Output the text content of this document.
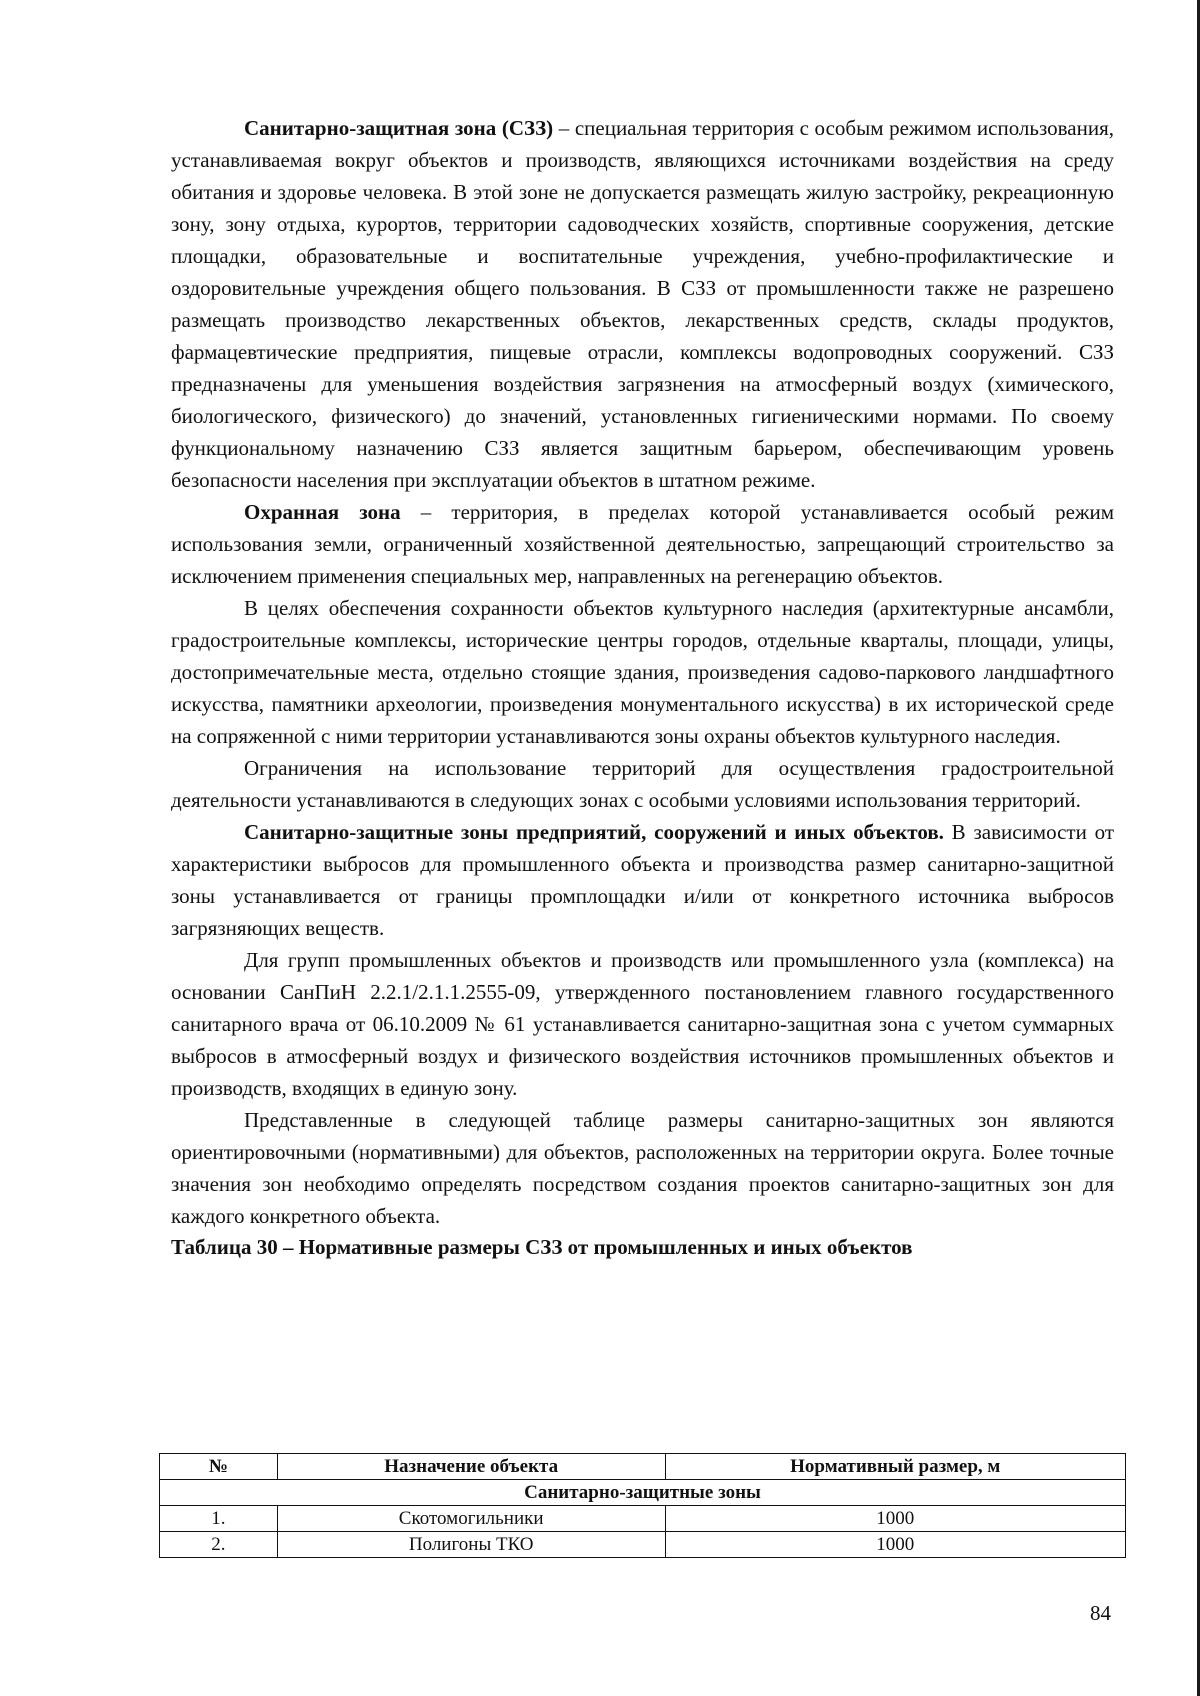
Санитарно-защитная зона (СЗЗ) – специальная территория с особым режимом использования, устанавливаемая вокруг объектов и производств, являющихся источниками воздействия на среду обитания и здоровье человека. В этой зоне не допускается размещать жилую застройку, рекреационную зону, зону отдыха, курортов, территории садоводческих хозяйств, спортивные сооружения, детские площадки, образовательные и воспитательные учреждения, учебно-профилактические и оздоровительные учреждения общего пользования. В СЗЗ от промышленности также не разрешено размещать производство лекарственных объектов, лекарственных средств, склады продуктов, фармацевтические предприятия, пищевые отрасли, комплексы водопроводных сооружений. СЗЗ предназначены для уменьшения воздействия загрязнения на атмосферный воздух (химического, биологического, физического) до значений, установленных гигиеническими нормами. По своему функциональному назначению СЗЗ является защитным барьером, обеспечивающим уровень безопасности населения при эксплуатации объектов в штатном режиме.

Охранная зона – территория, в пределах которой устанавливается особый режим использования земли, ограниченный хозяйственной деятельностью, запрещающий строительство за исключением применения специальных мер, направленных на регенерацию объектов.

В целях обеспечения сохранности объектов культурного наследия (архитектурные ансамбли, градостроительные комплексы, исторические центры городов, отдельные кварталы, площади, улицы, достопримечательные места, отдельно стоящие здания, произведения садово-паркового ландшафтного искусства, памятники археологии, произведения монументального искусства) в их исторической среде на сопряженной с ними территории устанавливаются зоны охраны объектов культурного наследия.

Ограничения на использование территорий для осуществления градостроительной деятельности устанавливаются в следующих зонах с особыми условиями использования территорий.

Санитарно-защитные зоны предприятий, сооружений и иных объектов. В зависимости от характеристики выбросов для промышленного объекта и производства размер санитарно-защитной зоны устанавливается от границы промплощадки и/или от конкретного источника выбросов загрязняющих веществ.

Для групп промышленных объектов и производств или промышленного узла (комплекса) на основании СанПиН 2.2.1/2.1.1.2555-09, утвержденного постановлением главного государственного санитарного врача от 06.10.2009 № 61 устанавливается санитарно-защитная зона с учетом суммарных выбросов в атмосферный воздух и физического воздействия источников промышленных объектов и производств, входящих в единую зону.

Представленные в следующей таблице размеры санитарно-защитных зон являются ориентировочными (нормативными) для объектов, расположенных на территории округа. Более точные значения зон необходимо определять посредством создания проектов санитарно-защитных зон для каждого конкретного объекта.

Таблица 30 – Нормативные размеры СЗЗ от промышленных и иных объектов
№	Назначение объекта	Нормативный размер, м
Санитарно-защитные зоны		
1.	Скотомогильники	1000
2.	Полигоны ТКО	1000
84
